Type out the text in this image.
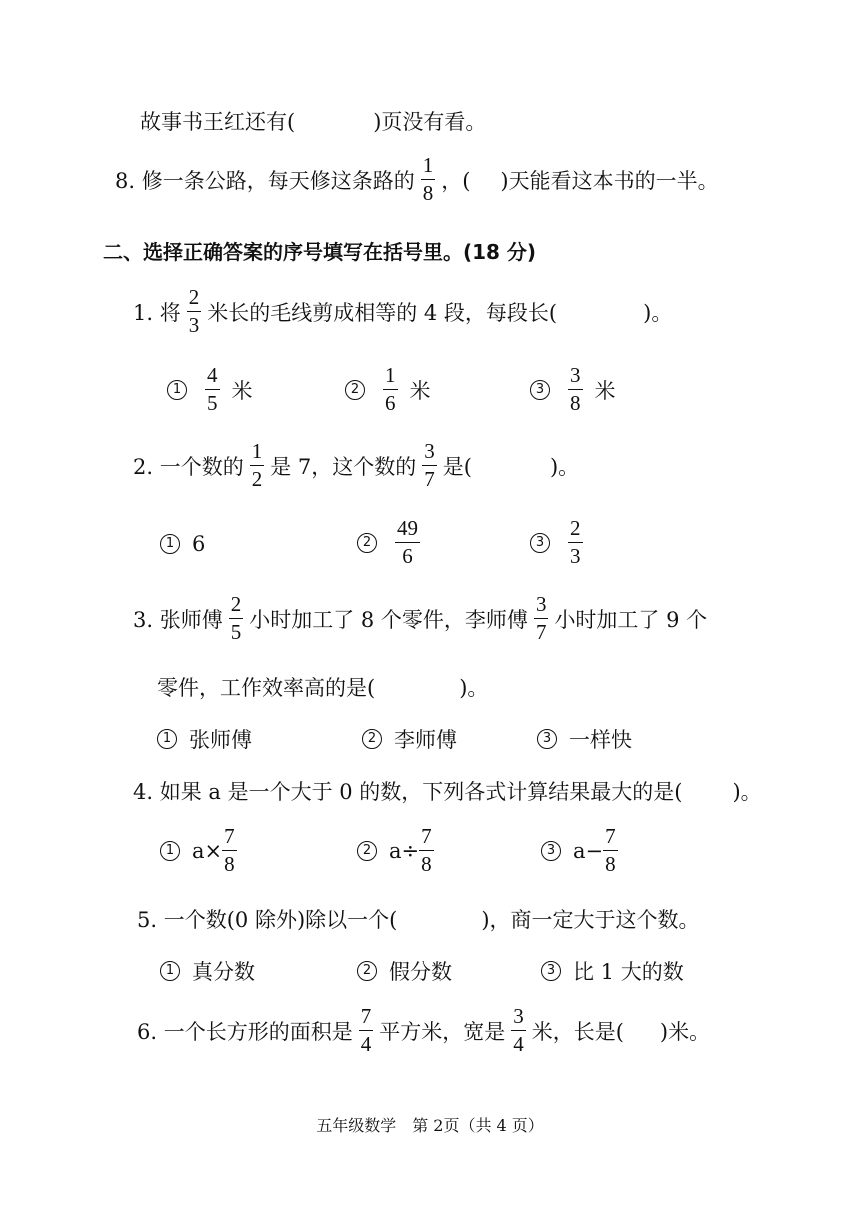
故事书王红还有(	)页没有看。
8. 修一条公路，每天修这条路的 $\frac{1}{8}$ ，( )天能看这本书的一半。
二、选择正确答案的序号填写在括号里。(18 分)
1. 将 $\frac{2}{3}$ 米长的毛线剪成相等的 4 段，每段长(	)。
$1 \frac{4}{5}$ 米	$2 \frac{1}{6}$ 米	$3 \frac{3}{8}$ 米
2. 一个数的 $\frac{1}{2}$ 是 7，这个数的 $\frac{3}{7}$ 是(	)。
1 6	$2 \frac{49}{6}$	$3 \frac{2}{3}$
3. 张师傅 $\frac{2}{5}$ 小时加工了 8 个零件，李师傅 $\frac{3}{7}$ 小时加工了 9 个
零件，工作效率高的是(	)。
1 张师傅	2 李师傅	3 一样快
4. 如果 a 是一个大于 0 的数，下列各式计算结果最大的是( )。
1 $a\times \frac{7}{8}$	2 $a\div \frac{7}{8}$	3 $a- \frac{7}{8}$
5. 一个数(0 除外)除以一个(	)，商一定大于这个数。
1 真分数	2 假分数	3 比 1 大的数
6. 一个长方形的面积是 $\frac{7}{4}$ 平方米，宽是 $\frac{3}{4}$ 米，长是( )米。
五年级数学　第 2页（共 4 页）
